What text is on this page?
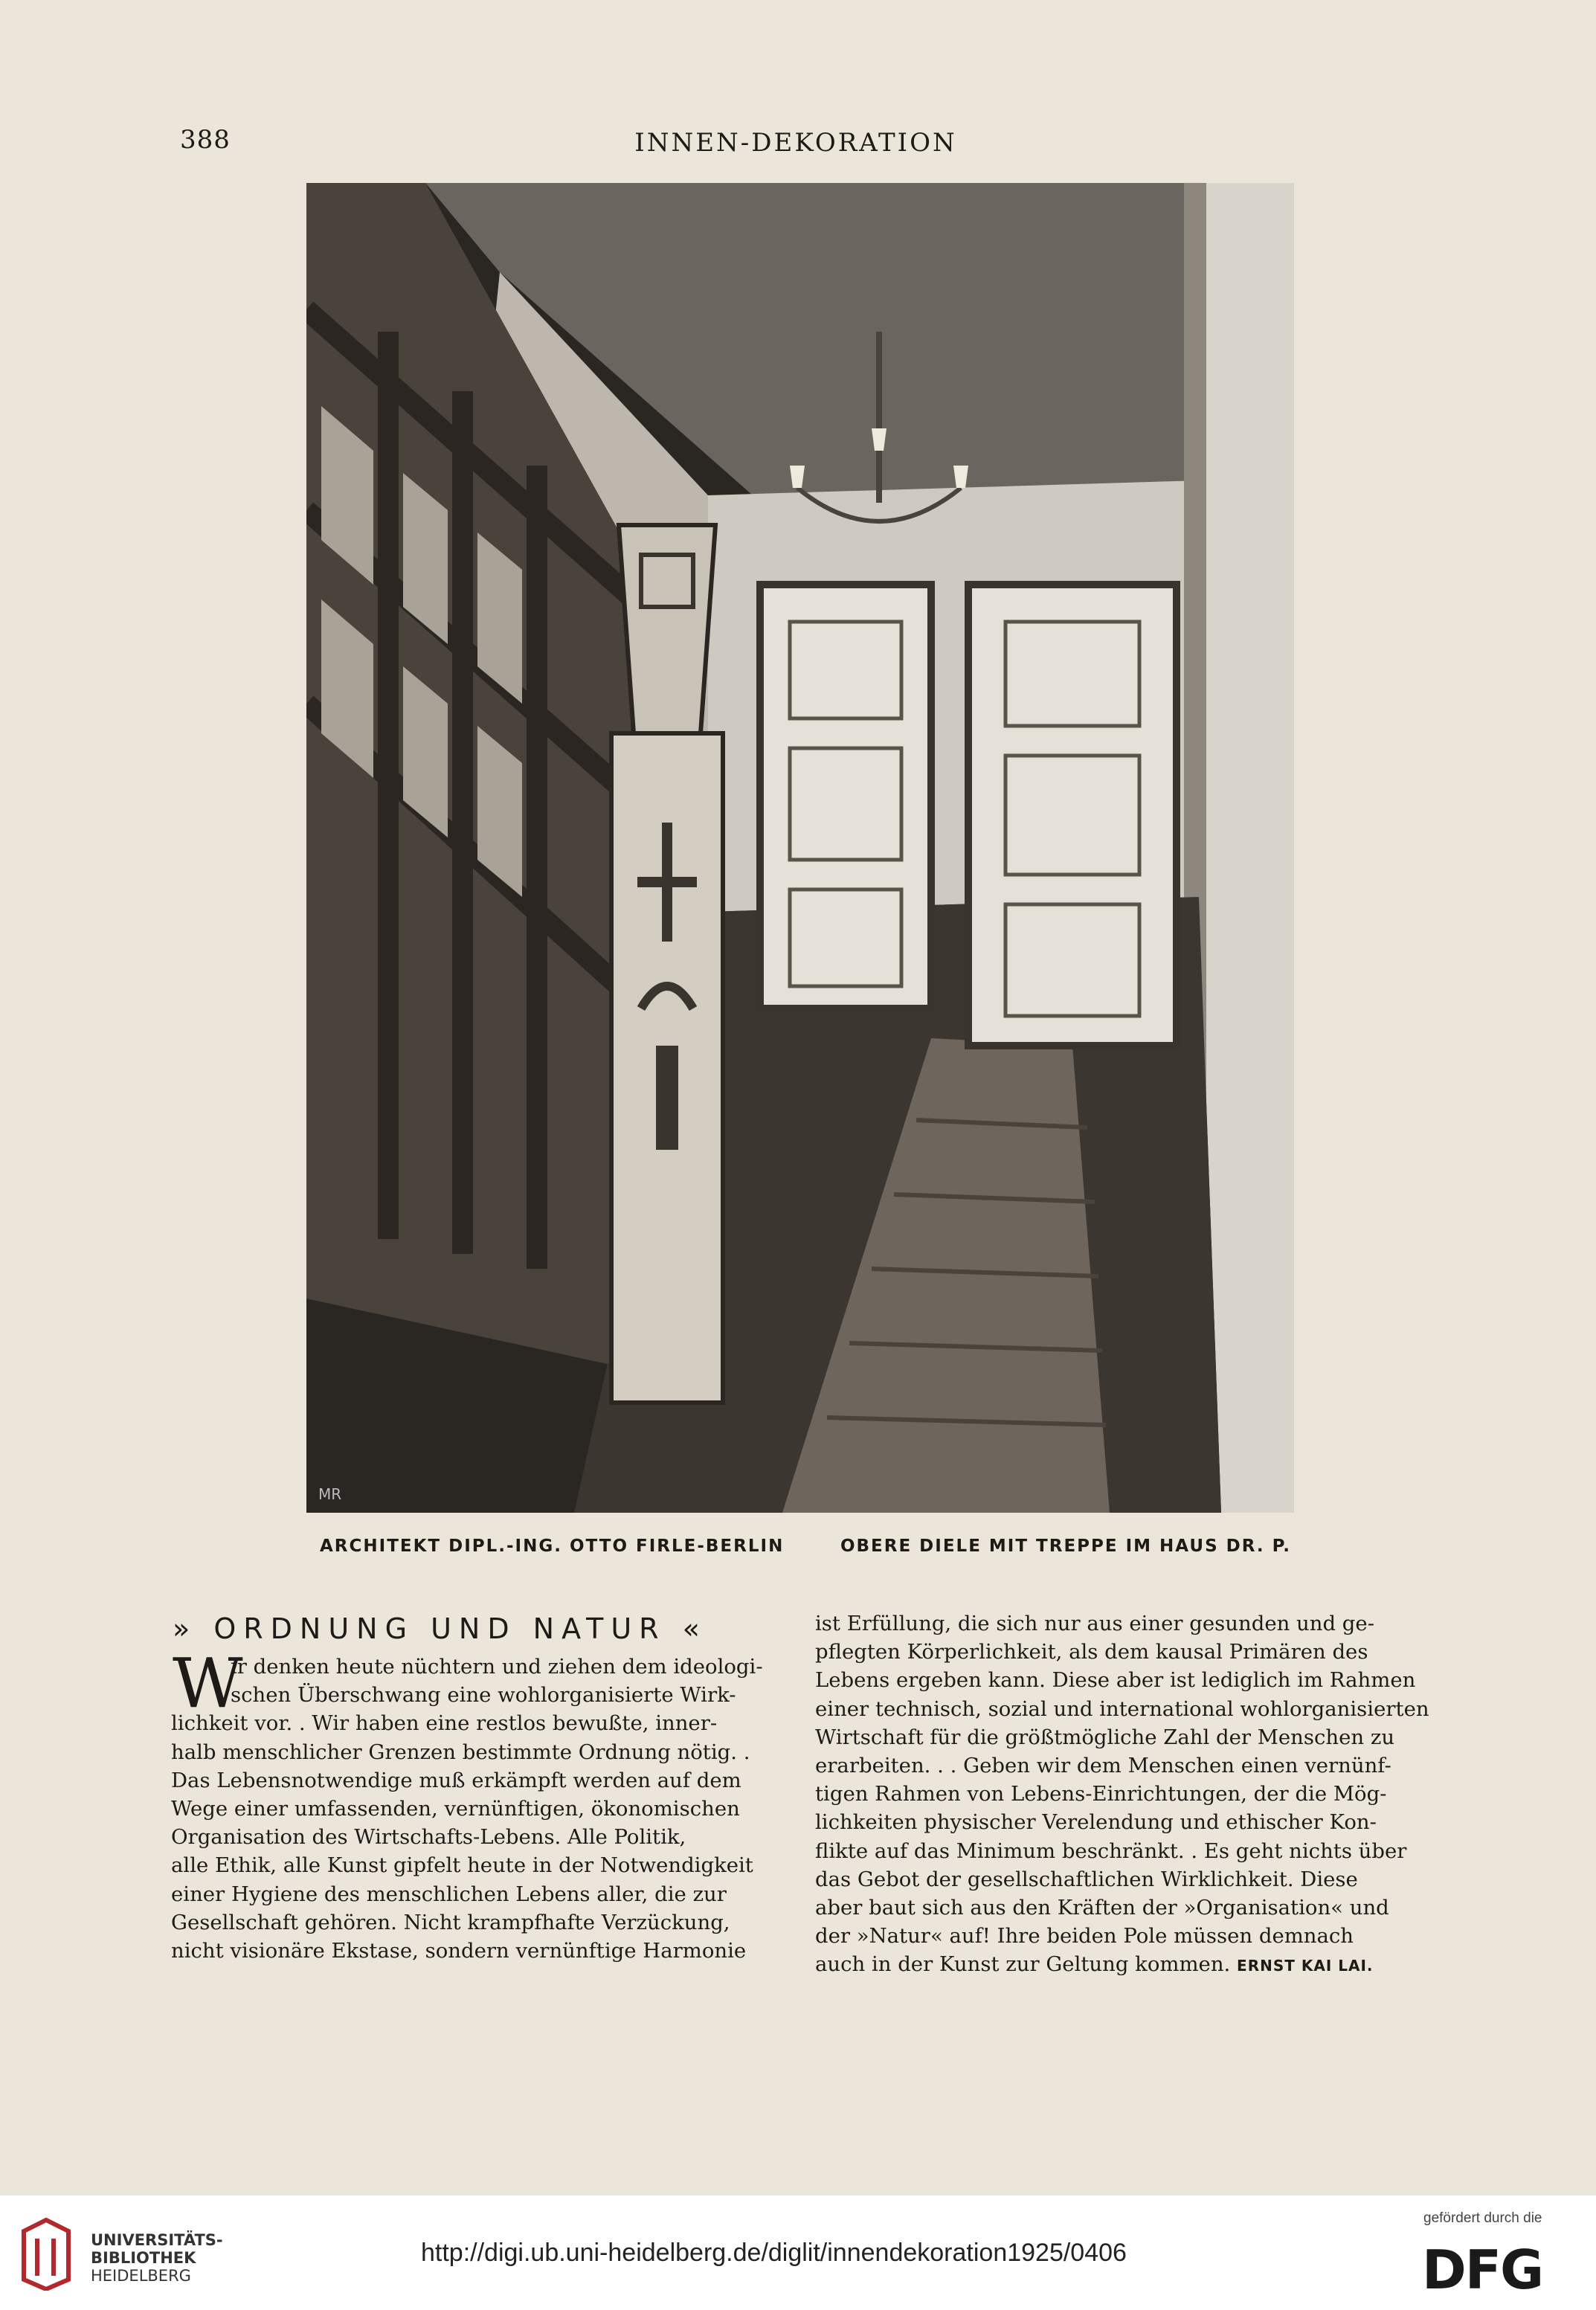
388	INNEN-DEKORATION
MR
ARCHITEKT DIPL.-ING. OTTO FIRLE-BERLIN	OBERE DIELE MIT TREPPE IM HAUS DR. P.
» ORDNUNG UND NATUR «
W
ir denken heute nüchtern und ziehen dem ideologi-
schen Überschwang eine wohlorganisierte Wirk-
lichkeit vor. . Wir haben eine restlos bewußte, inner-
halb menschlicher Grenzen bestimmte Ordnung nötig. .
Das Lebensnotwendige muß erkämpft werden auf dem
Wege einer umfassenden, vernünftigen, ökonomischen
Organisation des Wirtschafts-Lebens. Alle Politik,
alle Ethik, alle Kunst gipfelt heute in der Notwendigkeit
einer Hygiene des menschlichen Lebens aller, die zur
Gesellschaft gehören. Nicht krampfhafte Verzückung,
nicht visionäre Ekstase, sondern vernünftige Harmonie
ist Erfüllung, die sich nur aus einer gesunden und ge-
pflegten Körperlichkeit, als dem kausal Primären des
Lebens ergeben kann. Diese aber ist lediglich im Rahmen
einer technisch, sozial und international wohlorganisierten
Wirtschaft für die größtmögliche Zahl der Menschen zu
erarbeiten. . . Geben wir dem Menschen einen vernünf-
tigen Rahmen von Lebens-Einrichtungen, der die Mög-
lichkeiten physischer Verelendung und ethischer Kon-
flikte auf das Minimum beschränkt. . Es geht nichts über
das Gebot der gesellschaftlichen Wirklichkeit. Diese
aber baut sich aus den Kräften der »Organisation« und
der »Natur« auf! Ihre beiden Pole müssen demnach
auch in der Kunst zur Geltung kommen. ERNST KAI LAI.
UNIVERSITÄTS-
BIBLIOTHEK
HEIDELBERG
http://digi.ub.uni-heidelberg.de/diglit/innendekoration1925/0406
gefördert durch die
DFG
